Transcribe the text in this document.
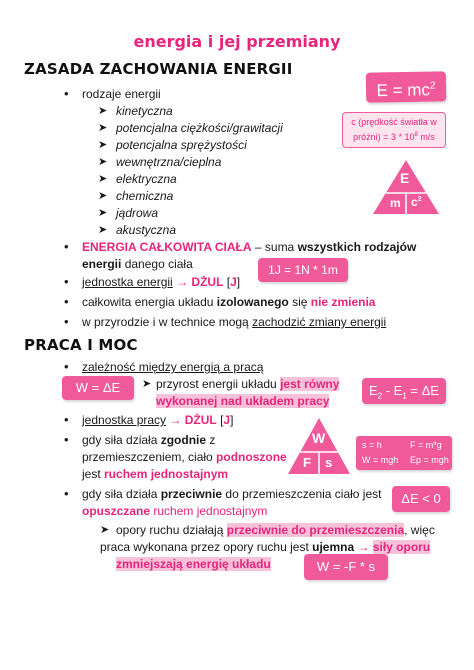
energia i jej przemiany
ZASADA ZACHOWANIA ENERGII
• rodzaje energii
➤ kinetyczna
➤ potencjalna ciężkości/grawitacji
➤ potencjalna sprężystości
➤ wewnętrzna/cieplna
➤ elektryczna
➤ chemiczna
➤ jądrowa
➤ akustyczna
$E = mc^2$
c (prędkość światła w
próżni) = $3 * 10^8$ m/s
E
m $c^2$
• ENERGIA CAŁKOWITA CIAŁA – suma wszystkich rodzajów
energii danego ciała	1J = 1N * 1m
• jednostka energii → DŻUL [J]
• całkowita energia układu izolowanego się nie zmienia
• w przyrodzie i w technice mogą zachodzić zmiany energii
PRACA I MOC
• zależność między energią a pracą
W = ΔE	➤ przyrost energii układu jest równy
wykonanej nad układem pracy
$E_2 - E_1 = \Delta E$
• jednostka pracy → DŻUL [J]
• gdy siła działa zgodnie z
przemieszczeniem, ciało podnoszone
jest ruchem jednostajnym
W
F s
s = h	F = m*g
W = mgh Ep = mgh
• gdy siła działa przeciwnie do przemieszczenia ciało jest
opuszczane ruchem jednostajnym
ΔE < 0
➤ opory ruchu działają przeciwnie do przemieszczenia, więc
praca wykonana przez opory ruchu jest ujemna → siły oporu
zmniejszają energię układu	W = -F * s
